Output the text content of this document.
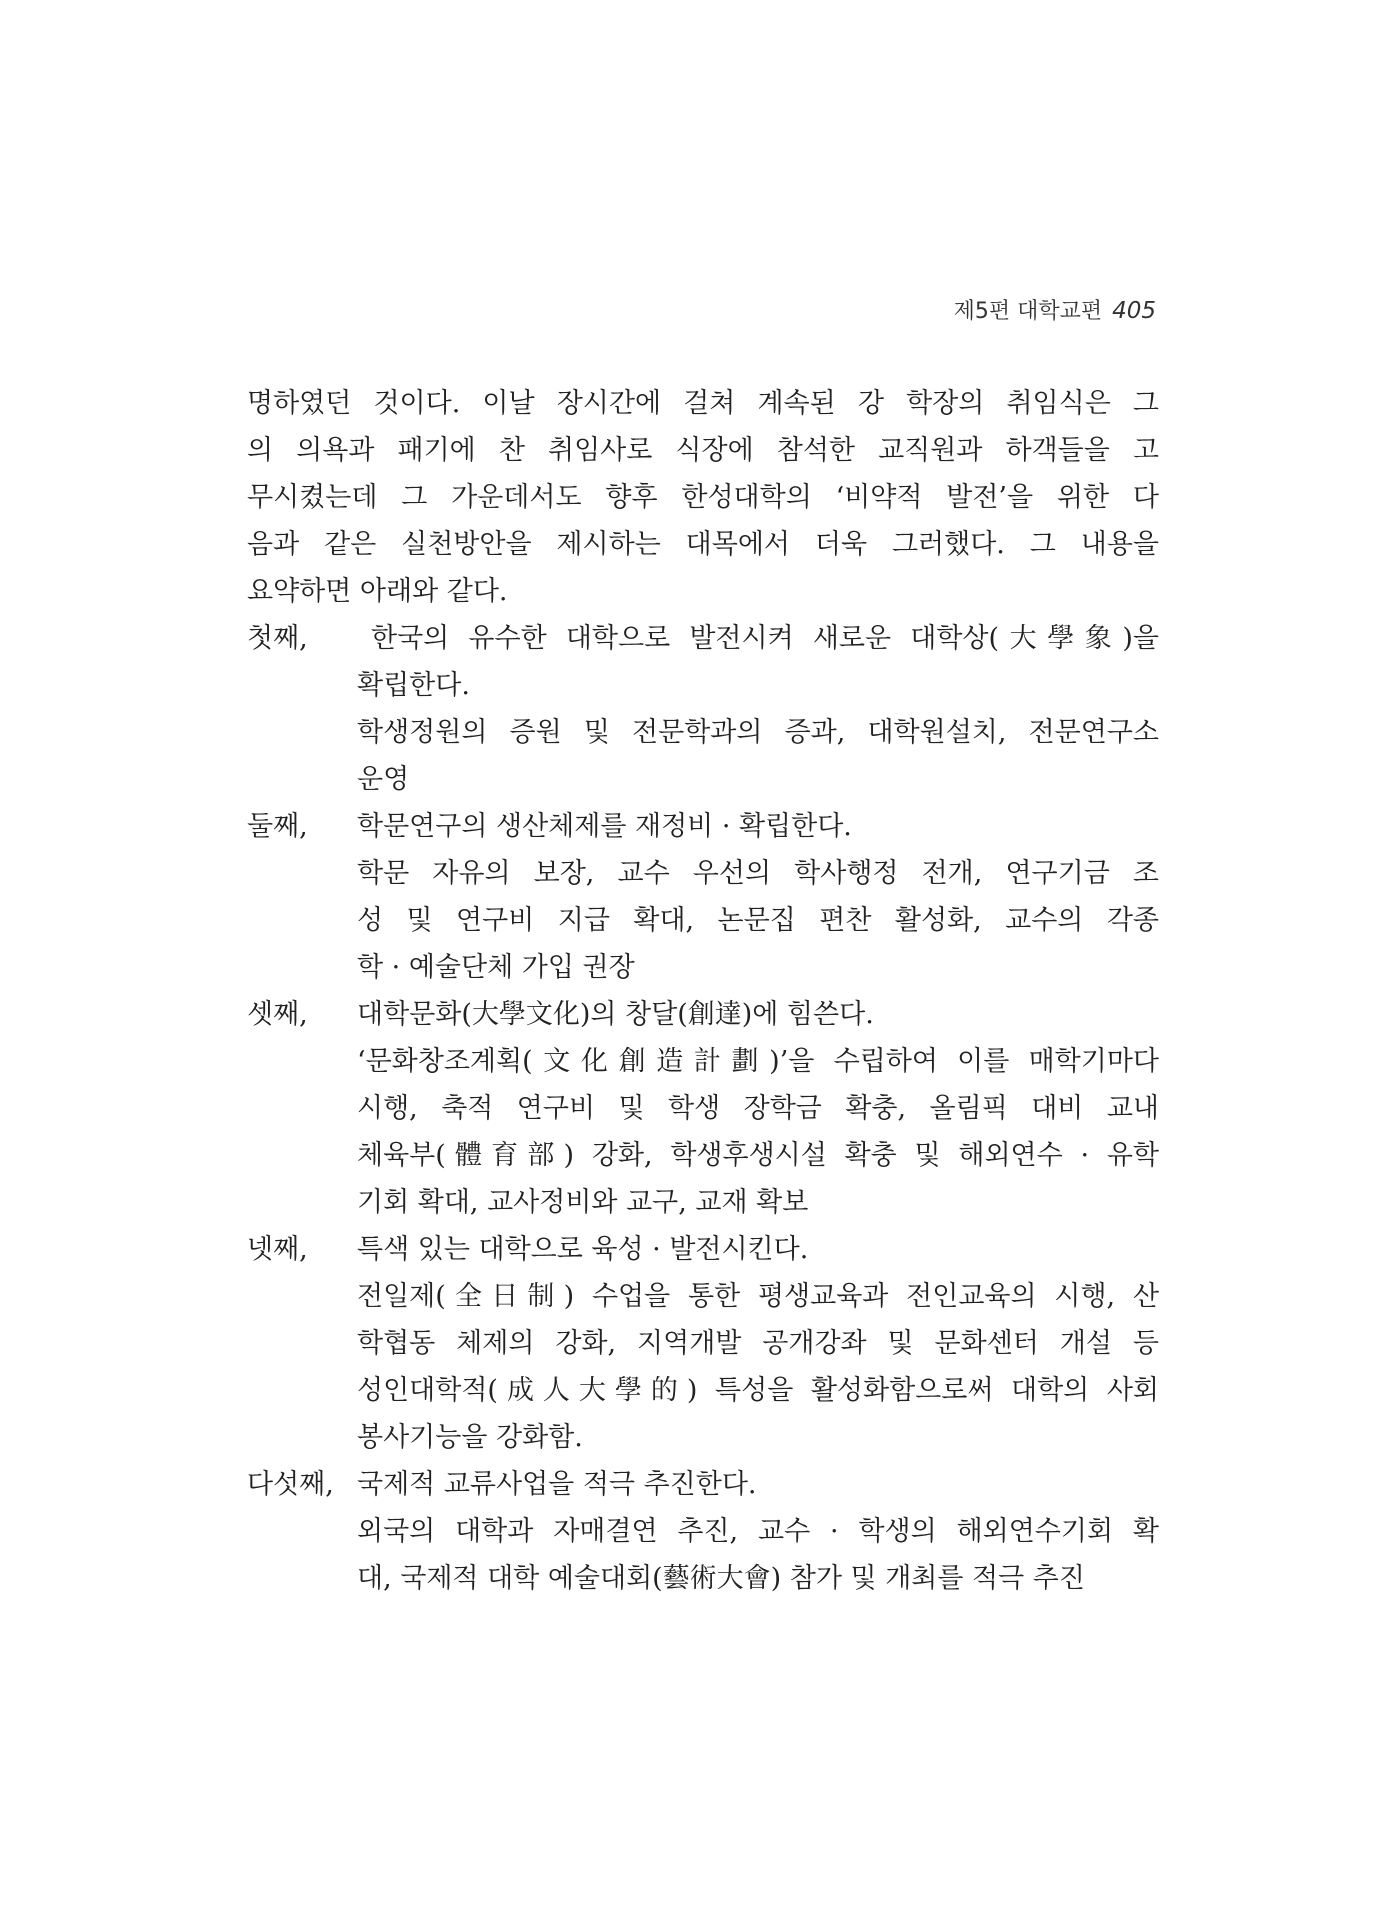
제5편 대학교편 405
명하였던 것이다. 이날 장시간에 걸쳐 계속된 강 학장의 취임식은 그
의 의욕과 패기에 찬 취임사로 식장에 참석한 교직원과 하객들을 고
무시켰는데 그 가운데서도 향후 한성대학의 ‘비약적 발전’을 위한 다
음과 같은 실천방안을 제시하는 대목에서 더욱 그러했다. 그 내용을
요약하면 아래와 같다.
첫째,	한국의 유수한 대학으로 발전시켜 새로운 대학상(大學象)을
확립한다.
학생정원의 증원 및 전문학과의 증과, 대학원설치, 전문연구소
운영
둘째,	학문연구의 생산체제를 재정비 · 확립한다.
학문 자유의 보장, 교수 우선의 학사행정 전개, 연구기금 조
성 및 연구비 지급 확대, 논문집 편찬 활성화, 교수의 각종
학 · 예술단체 가입 권장
셋째,	대학문화(大學文化)의 창달(創達)에 힘쓴다.
‘문화창조계획(文化創造計劃)’을 수립하여 이를 매학기마다
시행, 축적 연구비 및 학생 장학금 확충, 올림픽 대비 교내
체육부(體育部) 강화, 학생후생시설 확충 및 해외연수 · 유학
기회 확대, 교사정비와 교구, 교재 확보
넷째,	특색 있는 대학으로 육성 · 발전시킨다.
전일제(全日制) 수업을 통한 평생교육과 전인교육의 시행, 산
학협동 체제의 강화, 지역개발 공개강좌 및 문화센터 개설 등
성인대학적(成人大學的) 특성을 활성화함으로써 대학의 사회
봉사기능을 강화함.
다섯째, 국제적 교류사업을 적극 추진한다.
외국의 대학과 자매결연 추진, 교수 · 학생의 해외연수기회 확
대, 국제적 대학 예술대회(藝術大會) 참가 및 개최를 적극 추진
